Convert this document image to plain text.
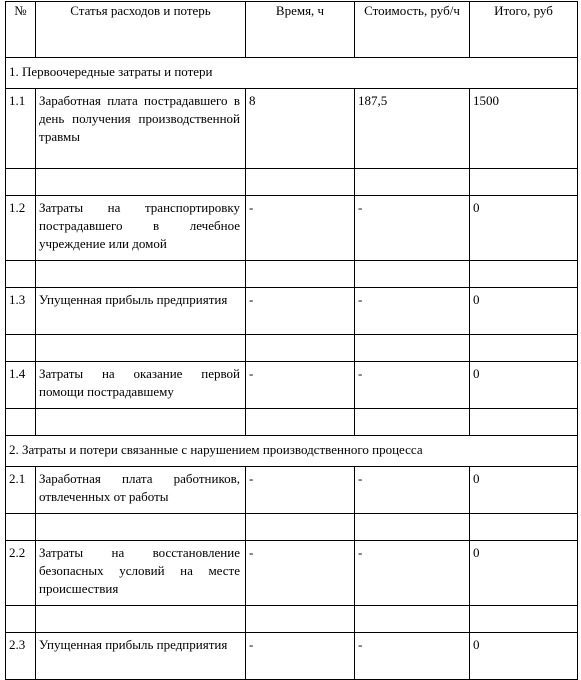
№	Статья расходов и потерь	Время, ч	Стоимость, руб/ч	Итого, руб
1. Первоочередные затраты и потери				
1.1	Заработная плата пострадавшего в день получения производственной травмы	8	187,5	1500

1.2	Затраты на транспортировку пострадавшего в лечебное учреждение или домой	-	-	0

1.3	Упущенная прибыль предприятия	-	-	0

1.4	Затраты на оказание первой помощи пострадавшему	-	-	0

2. Затраты и потери связанные с нарушением производственного процесса				
2.1	Заработная плата работников, отвлеченных от работы	-	-	0

2.2	Затраты на восстановление безопасных условий на месте происшествия	-	-	0

2.3	Упущенная прибыль предприятия	-	-	0
